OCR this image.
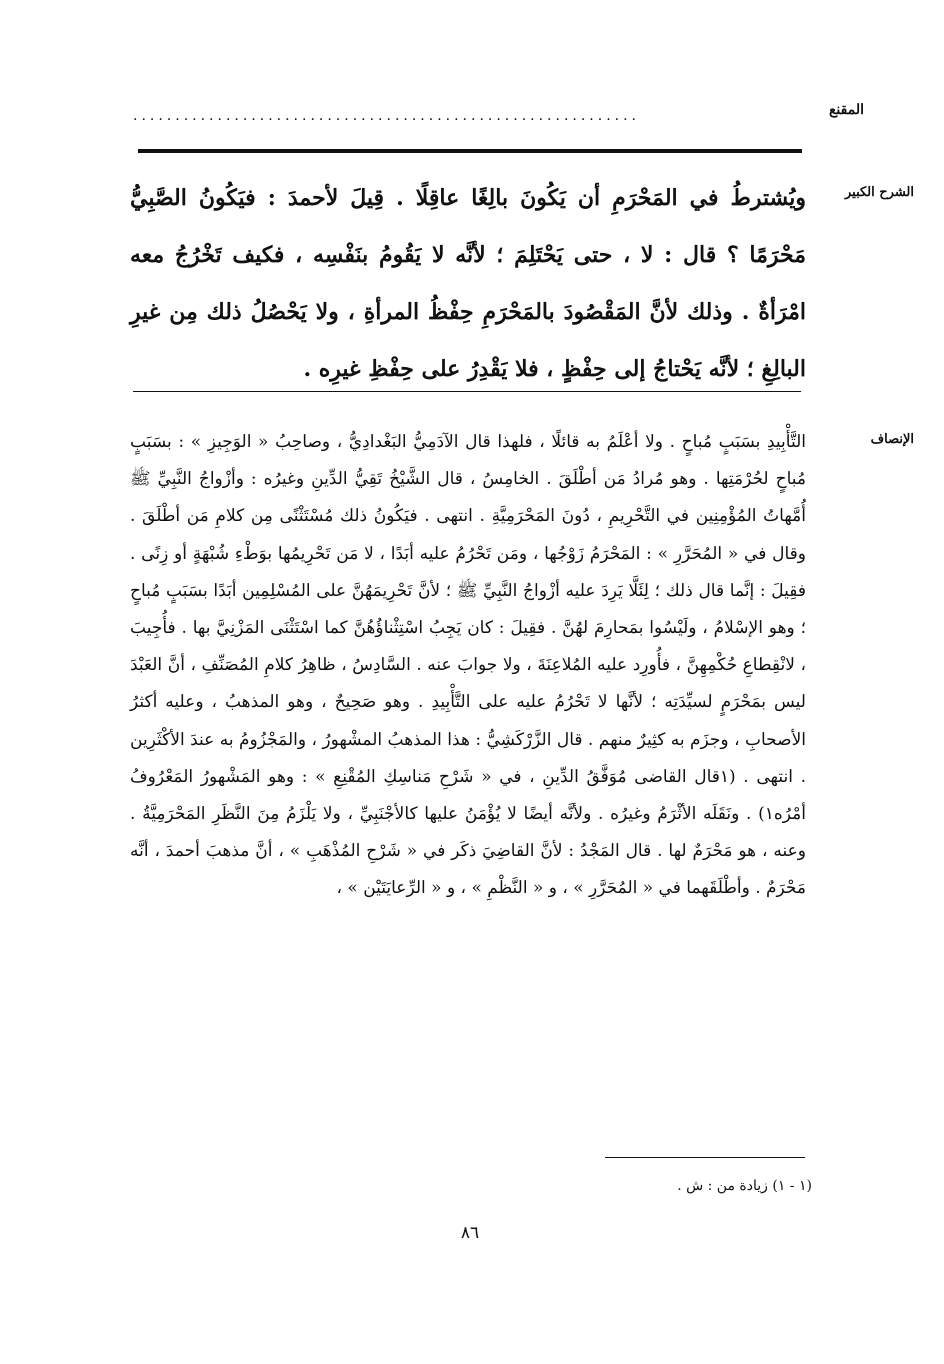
المقنع
............................................................
الشرح الكبير
ويُشترطُ في المَحْرَمِ أن يَكُونَ بالِغًا عاقِلًا . قِيلَ لأحمدَ : فيَكُونُ الصَّبِيُّ مَحْرَمًا ؟ قال : لا ، حتى يَحْتَلِمَ ؛ لأنَّه لا يَقُومُ بنَفْسِه ، فكيف تَخْرُجُ معه امْرَأةٌ . وذلك لأنَّ المَقْصُودَ بالمَحْرَمِ حِفْظُ المرأةِ ، ولا يَحْصُلُ ذلك مِن غيرِ البالِغِ ؛ لأنَّه يَحْتاجُ إلى حِفْظٍ ، فلا يَقْدِرُ على حِفْظِ غيرِه .
الإنصاف
التَّأْبِيدِ بسَبَبٍ مُباحٍ . ولا أعْلَمُ به قائلًا ، فلهذا قال الآدَمِيُّ البَغْدادِيُّ ، وصاحِبُ « الوَجِيزِ » : بسَبَبٍ مُباحٍ لحُرْمَتِها . وهو مُرادُ مَن أطْلَقَ . الخامِسُ ، قال الشَّيْخُ تَقِيُّ الدِّينِ وغيرُه : وأزْواجُ النَّبِيِّ ﷺ أُمَّهاتُ المُؤْمِنِين في التَّحْرِيمِ ، دُونَ المَحْرَمِيَّةِ . انتهى . فيَكُونُ ذلك مُسْتَثْنًى مِن كلامِ مَن أطْلَقَ . وقال في « المُحَرَّرِ » : المَحْرَمُ زَوْجُها ، ومَن تَحْرُمُ عليه أبَدًا ، لا مَن تَحْرِيمُها بوَطْءِ شُبْهَةٍ أو زِنًى . فقِيلَ : إنَّما قال ذلك ؛ لِئَلَّا يَرِدَ عليه أزْواجُ النَّبِيِّ ﷺ ؛ لأنَّ تَحْرِيمَهُنَّ على المُسْلِمِين أبَدًا بسَبَبٍ مُباحٍ ؛ وهو الإسْلامُ ، ولَيْسُوا بمَحارِمَ لهُنَّ . فقِيلَ : كان يَجِبُ اسْتِثْناؤُهُنَّ كما اسْتَثْنَى المَزْنِيَّ بها . فأُجِيبَ ، لانْقِطاعِ حُكْمِهِنَّ ، فأُورِد عليه المُلاعِنَةَ ، ولا جوابَ عنه . السَّادِسُ ، ظاهِرُ كلامِ المُصَنِّفِ ، أنَّ العَبْدَ ليس بمَحْرَمٍ لسيِّدَتِه ؛ لأنَّها لا تَحْرُمُ عليه على التَّأْبِيدِ . وهو صَحِيحٌ ، وهو المذهبُ ، وعليه أكثرُ الأصحابِ ، وجزَم به كثِيرٌ منهم . قال الزَّرْكَشِيُّ : هذا المذهبُ المشْهورُ ، والمَجْزُومُ به عندَ الأكْثَرِين . انتهى . (١قال القاضى مُوَفَّقُ الدِّينِ ، في « شَرْحِ مَناسِكِ المُقْنِعِ » : وهو المَشْهورُ المَعْرُوفُ أمْرُه١) . ونَقَلَه الأثْرَمُ وغيرُه . ولأنَّه أيضًا لا يُؤْمَنُ عليها كالأجْنَبِيِّ ، ولا يَلْزَمُ مِنَ النَّظَرِ المَحْرَمِيَّةُ . وعنه ، هو مَحْرَمٌ لها . قال المَجْدُ : لأنَّ القاضِيَ ذكَر في « شَرْحِ المُذْهَبِ » ، أنَّ مذهبَ أحمدَ ، أنَّه مَحْرَمٌ . وأطْلَقَهما في « المُحَرَّرِ » ، و « النَّظْمِ » ، و « الرِّعايَتَيْن » ،
(١ - ١) زيادة من : ش .
٨٦
